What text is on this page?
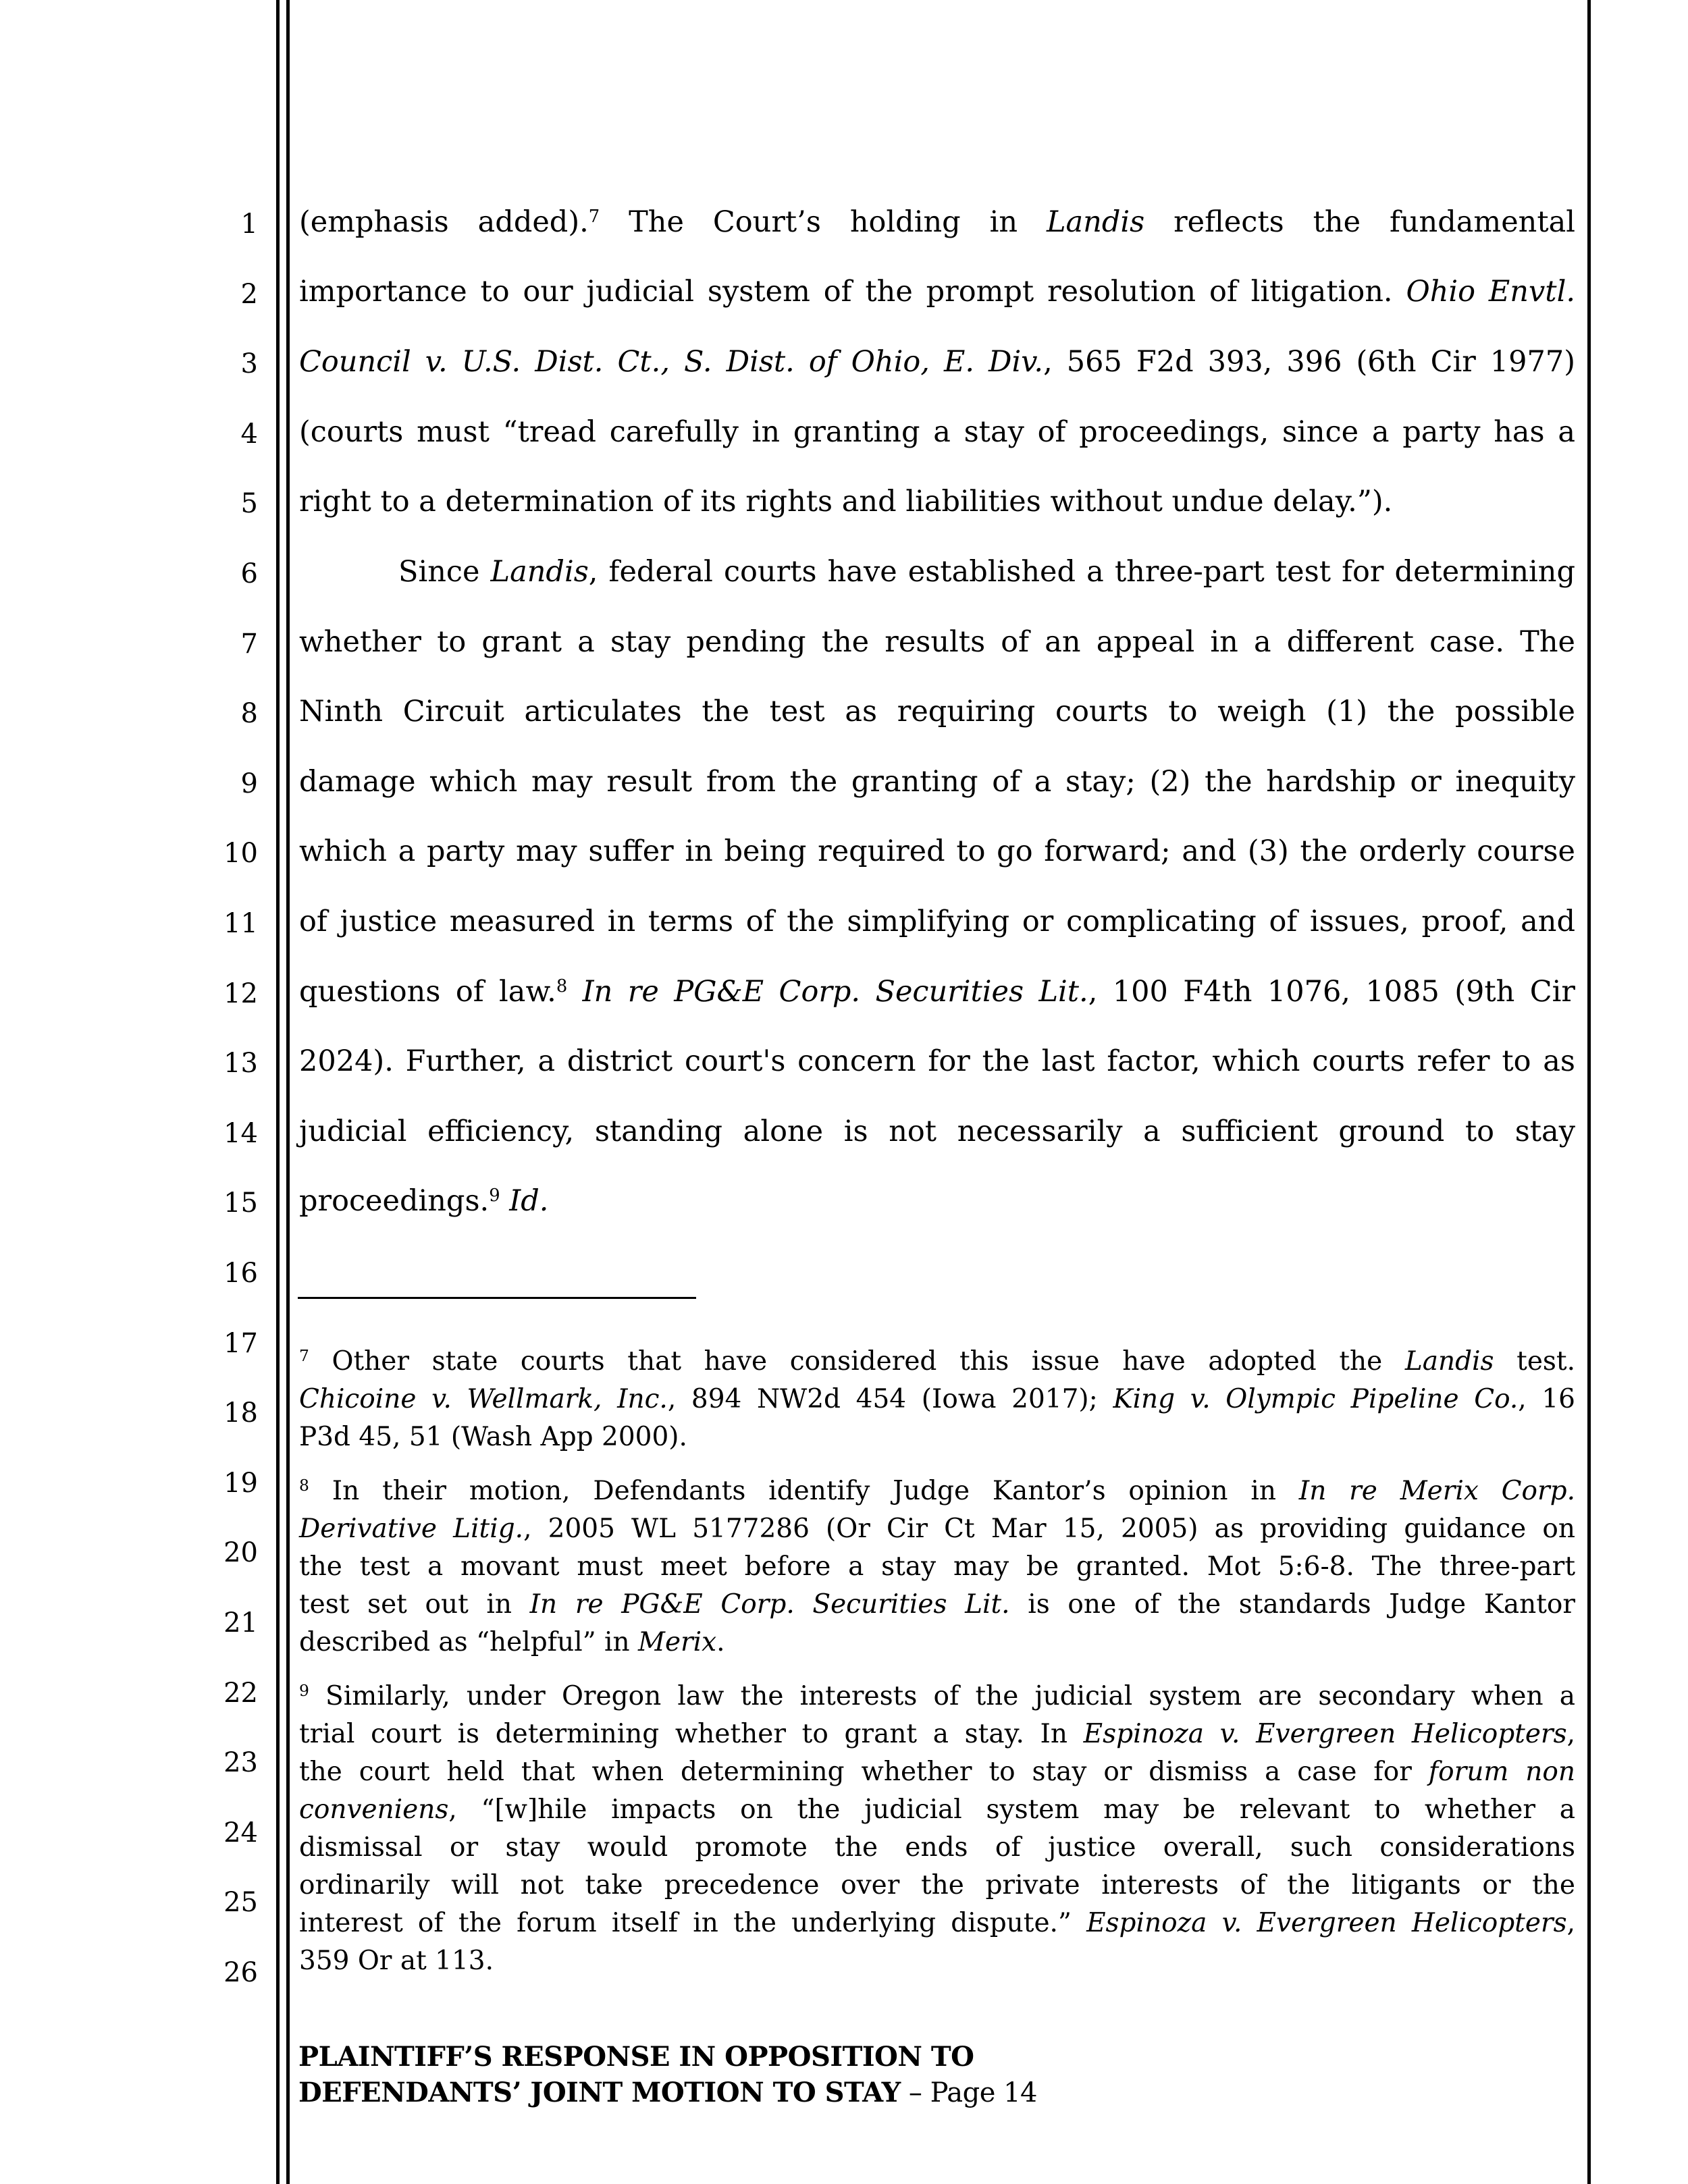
1
2
3
4
5
6
7
8
9
10
11
12
13
14
15
16
17
18
19
20
21
22
23
24
25
26
(emphasis added).$^7$ The Court’s holding in Landis reflects the fundamental
importance to our judicial system of the prompt resolution of litigation. Ohio Envtl.
Council v. U.S. Dist. Ct., S. Dist. of Ohio, E. Div., 565 F2d 393, 396 (6th Cir 1977)
(courts must “tread carefully in granting a stay of proceedings, since a party has a
right to a determination of its rights and liabilities without undue delay.”).
Since Landis, federal courts have established a three-part test for determining
whether to grant a stay pending the results of an appeal in a different case. The
Ninth Circuit articulates the test as requiring courts to weigh (1) the possible
damage which may result from the granting of a stay; (2) the hardship or inequity
which a party may suffer in being required to go forward; and (3) the orderly course
of justice measured in terms of the simplifying or complicating of issues, proof, and
questions of law.$^8$ In re PG&E Corp. Securities Lit., 100 F4th 1076, 1085 (9th Cir
2024). Further, a district court's concern for the last factor, which courts refer to as
judicial efficiency, standing alone is not necessarily a sufficient ground to stay
proceedings.$^9$ Id.
$^7$ Other state courts that have considered this issue have adopted the Landis test.
Chicoine v. Wellmark, Inc., 894 NW2d 454 (Iowa 2017); King v. Olympic Pipeline Co., 16
P3d 45, 51 (Wash App 2000).
$^8$ In their motion, Defendants identify Judge Kantor’s opinion in In re Merix Corp.
Derivative Litig., 2005 WL 5177286 (Or Cir Ct Mar 15, 2005) as providing guidance on
the test a movant must meet before a stay may be granted. Mot 5:6-8. The three-part
test set out in In re PG&E Corp. Securities Lit. is one of the standards Judge Kantor
described as “helpful” in Merix.
$^9$ Similarly, under Oregon law the interests of the judicial system are secondary when a
trial court is determining whether to grant a stay. In Espinoza v. Evergreen Helicopters,
the court held that when determining whether to stay or dismiss a case for forum non
conveniens, “[w]hile impacts on the judicial system may be relevant to whether a
dismissal or stay would promote the ends of justice overall, such considerations
ordinarily will not take precedence over the private interests of the litigants or the
interest of the forum itself in the underlying dispute.” Espinoza v. Evergreen Helicopters,
359 Or at 113.
PLAINTIFF’S RESPONSE IN OPPOSITION TO
DEFENDANTS’ JOINT MOTION TO STAY – Page 14
